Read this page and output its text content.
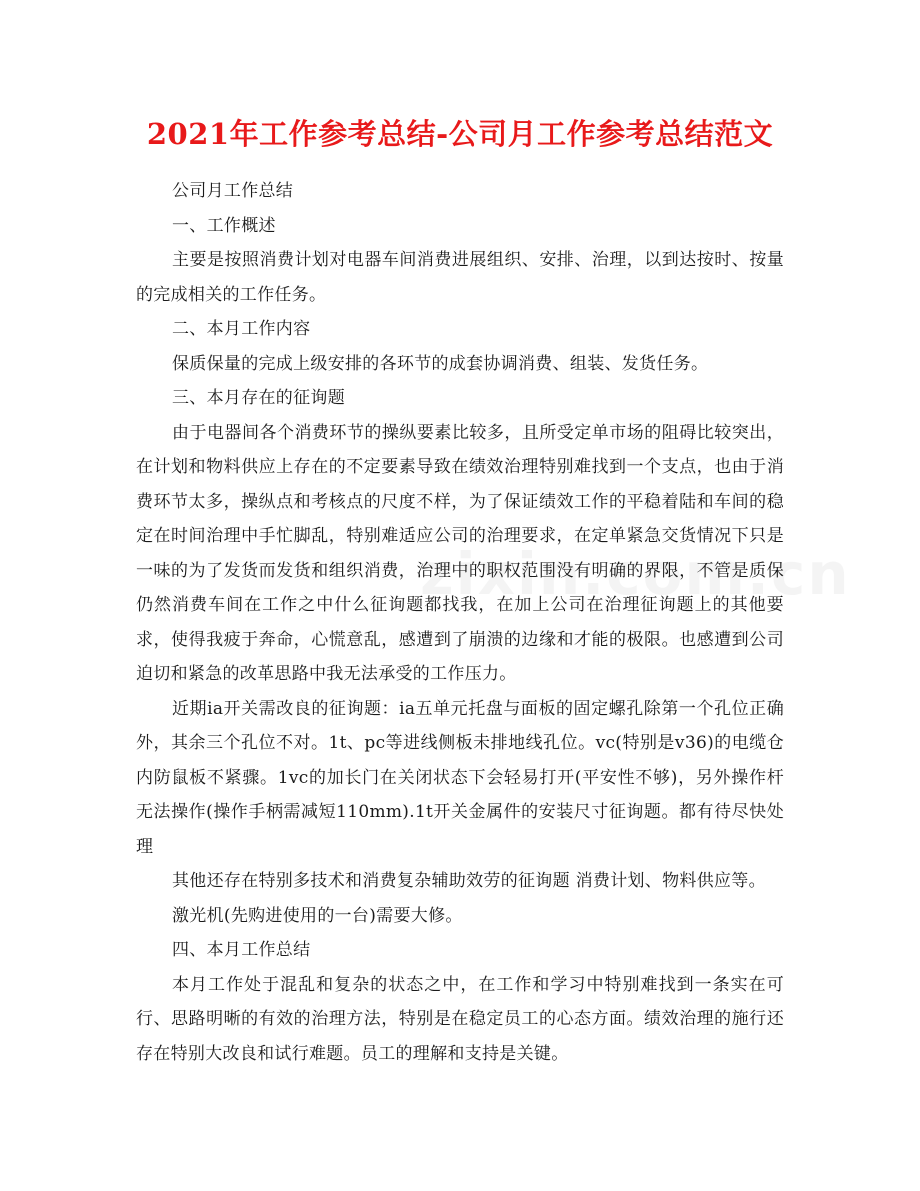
2021年工作参考总结-公司月工作参考总结范文

公司月工作总结

一、工作概述

主要是按照消费计划对电器车间消费进展组织、安排、治理，以到达按时、按量的完成相关的工作任务。

二、本月工作内容

保质保量的完成上级安排的各环节的成套协调消费、组装、发货任务。

三、本月存在的征询题

由于电器间各个消费环节的操纵要素比较多，且所受定单市场的阻碍比较突出，在计划和物料供应上存在的不定要素导致在绩效治理特别难找到一个支点，也由于消费环节太多，操纵点和考核点的尺度不样，为了保证绩效工作的平稳着陆和车间的稳定在时间治理中手忙脚乱，特别难适应公司的治理要求，在定单紧急交货情况下只是一味的为了发货而发货和组织消费，治理中的职权范围没有明确的界限，不管是质保仍然消费车间在工作之中什么征询题都找我，在加上公司在治理征询题上的其他要求，使得我疲于奔命，心慌意乱，感遭到了崩溃的边缘和才能的极限。也感遭到公司迫切和紧急的改革思路中我无法承受的工作压力。

近期ia开关需改良的征询题：ia五单元托盘与面板的固定螺孔除第一个孔位正确外，其余三个孔位不对。1t、pc等进线侧板未排地线孔位。vc(特别是v36)的电缆仓内防鼠板不紧骤。1vc的加长门在关闭状态下会轻易打开(平安性不够)，另外操作杆无法操作(操作手柄需减短110mm).1t开关金属件的安装尺寸征询题。都有待尽快处理

其他还存在特别多技术和消费复杂辅助效劳的征询题 消费计划、物料供应等。

激光机(先购进使用的一台)需要大修。

四、本月工作总结

本月工作处于混乱和复杂的状态之中，在工作和学习中特别难找到一条实在可行、思路明晰的有效的治理方法，特别是在稳定员工的心态方面。绩效治理的施行还存在特别大改良和试行难题。员工的理解和支持是关键。
